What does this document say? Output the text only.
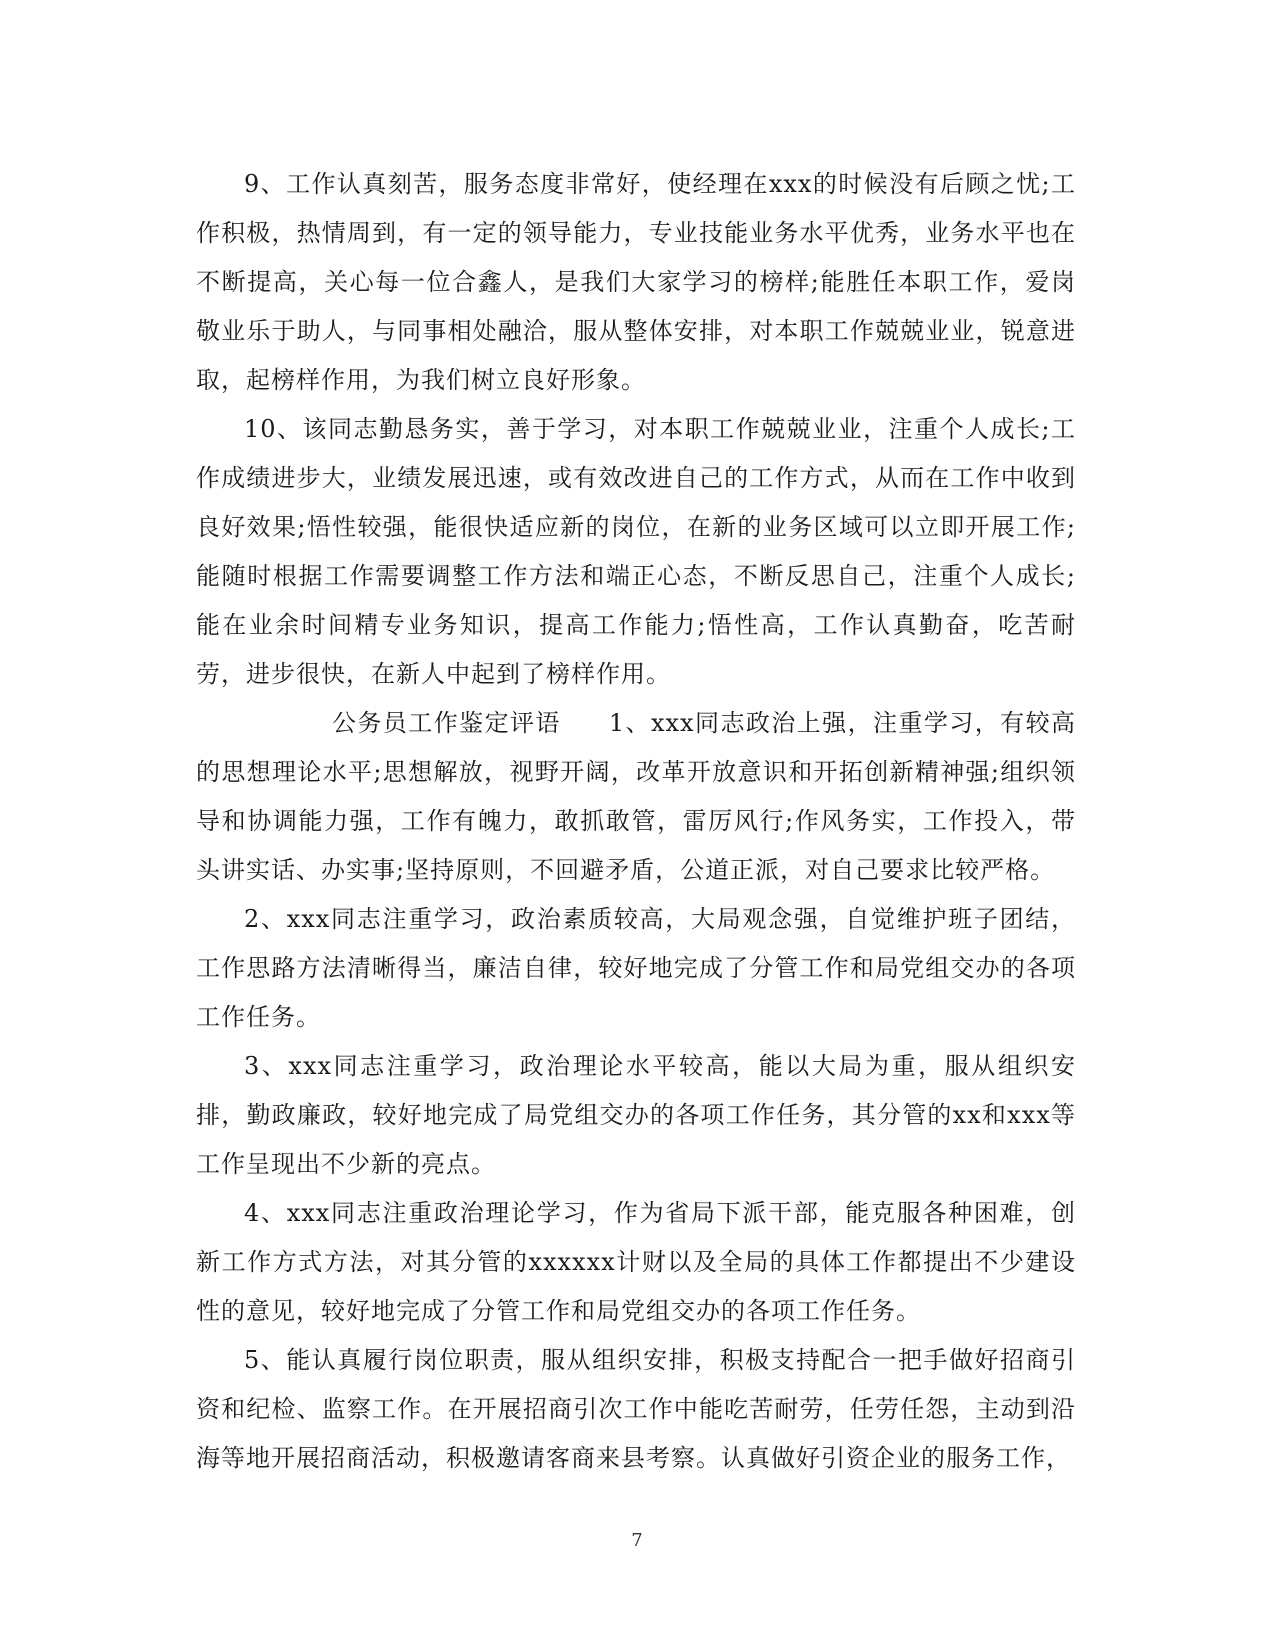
9、工作认真刻苦，服务态度非常好，使经理在xxx的时候没有后顾之忧;工作积极，热情周到，有一定的领导能力，专业技能业务水平优秀，业务水平也在不断提高，关心每一位合鑫人，是我们大家学习的榜样;能胜任本职工作，爱岗敬业乐于助人，与同事相处融洽，服从整体安排，对本职工作兢兢业业，锐意进取，起榜样作用，为我们树立良好形象。

10、该同志勤恳务实，善于学习，对本职工作兢兢业业，注重个人成长;工作成绩进步大，业绩发展迅速，或有效改进自己的工作方式，从而在工作中收到良好效果;悟性较强，能很快适应新的岗位，在新的业务区域可以立即开展工作;能随时根据工作需要调整工作方法和端正心态，不断反思自己，注重个人成长;能在业余时间精专业务知识，提高工作能力;悟性高，工作认真勤奋，吃苦耐劳，进步很快，在新人中起到了榜样作用。

公务员工作鉴定评语 1、xxx同志政治上强，注重学习，有较高的思想理论水平;思想解放，视野开阔，改革开放意识和开拓创新精神强;组织领导和协调能力强，工作有魄力，敢抓敢管，雷厉风行;作风务实，工作投入，带头讲实话、办实事;坚持原则，不回避矛盾，公道正派，对自己要求比较严格。

2、xxx同志注重学习，政治素质较高，大局观念强，自觉维护班子团结，工作思路方法清晰得当，廉洁自律，较好地完成了分管工作和局党组交办的各项工作任务。

3、xxx同志注重学习，政治理论水平较高，能以大局为重，服从组织安排，勤政廉政，较好地完成了局党组交办的各项工作任务，其分管的xx和xxx等工作呈现出不少新的亮点。

4、xxx同志注重政治理论学习，作为省局下派干部，能克服各种困难，创新工作方式方法，对其分管的xxxxxx计财以及全局的具体工作都提出不少建设性的意见，较好地完成了分管工作和局党组交办的各项工作任务。

5、能认真履行岗位职责，服从组织安排，积极支持配合一把手做好招商引资和纪检、监察工作。在开展招商引次工作中能吃苦耐劳，任劳任怨，主动到沿海等地开展招商活动，积极邀请客商来县考察。认真做好引资企业的服务工作，

7
